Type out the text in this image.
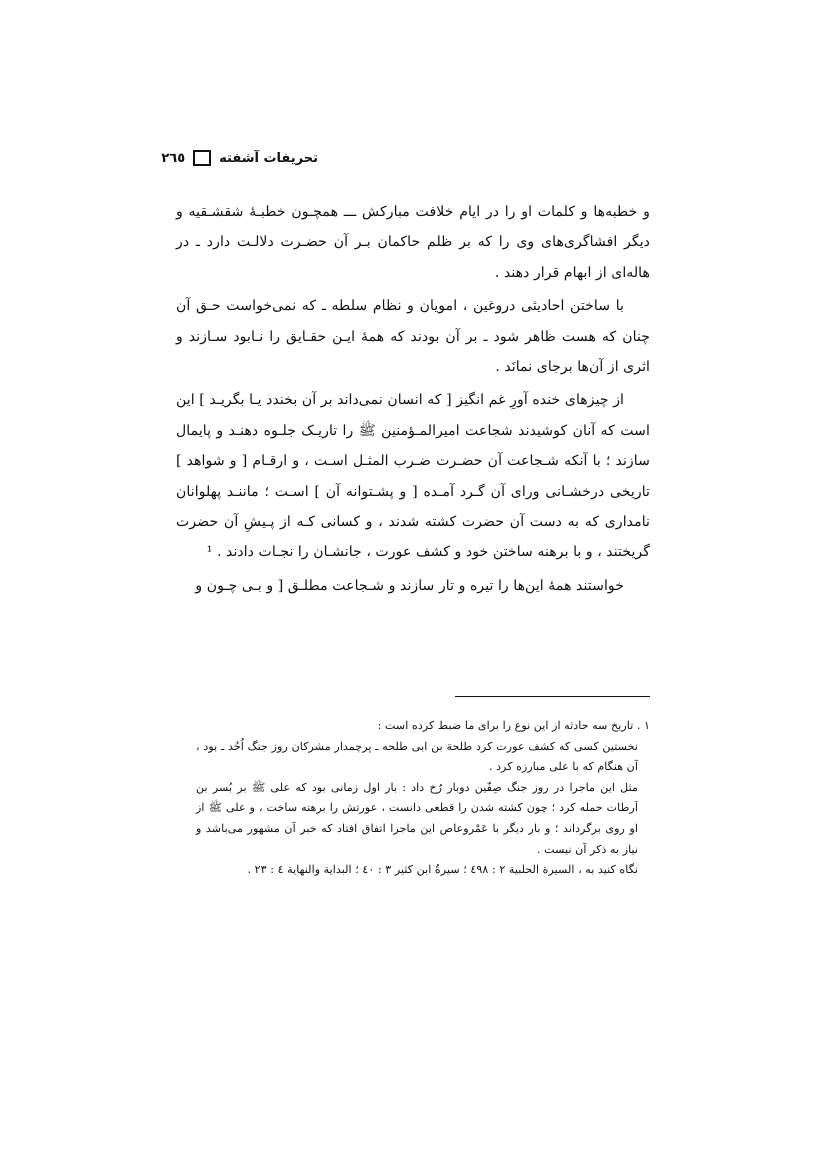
تحریفات آشفته
۲٦٥

و خطبه‌ها و کلمات او را در ایام خلافت مبارکش ـــ همچـون خطبـهٔ شقشـقیه و دیگر افشاگری‌های وی را که بر ظلم حاکمان بـر آن حضـرت دلالـت دارد ـ در هاله‌ای از ابهام قرار دهند .

با ساختن احادیثی دروغین ، امویان و نظام سلطه ـ که نمی‌خواست حـق آن چنان که هست ظاهر شود ـ بر آن بودند که همهٔ ایـن حقـایق را نـابود سـازند و اثری از آن‌ها برجای نمانَد .

از چیزهای خنده آورِ غم انگیز [ که انسان نمی‌داند بر آن بخندد یـا بگریـد ] این است که آنان کوشیدند شجاعت امیرالمـؤمنین ﷺ را تاریـک جلـوه دهنـد و پایمال سازند ؛ با آنکه شـجاعت آن حضـرت ضـرب المثـل اسـت ، و ارقـام [ و شواهد ] تاریخی درخشـانی ورای آن گـرد آمـده [ و پشـتوانه آن ] اسـت ؛ ماننـد پهلوانان نامداری که به دست آن حضرت کشته شدند ، و کسانی کـه از پـیشِ آن حضرت گریختند ، و با برهنه ساختن خود و کشف عورت ، جانشـان را نجـات دادند . ¹

خواستند همهٔ این‌ها را تیره و تار سازند و شـجاعت مطلـق [ و بـی چـون و

١ . تاریخ سه حادثه از این نوع را برای ما ضبط کرده است :

نخستین کسی که کشف عورت کرد طلحة بن ابی طلحه ـ پرچمدار مشرکان روز جنگ اُحُد ـ بود ، آن هنگام که با علی مبارزه کرد .

مثل این ماجرا در روز جنگ صِفّین دوبار رُخ داد : بار اول زمانی بود که علی ﷺ بر بُسر بن اَرطات حمله کرد ؛ چون کشته شدن را قطعی دانست ، عورتش را برهنه ساخت ، و علی ﷺ از او روی برگرداند ؛ و بار دیگر با عَمْروعاص این ماجرا اتفاق افتاد که خبر آن مشهور می‌باشد و نیاز به ذکر آن نیست .

نگاه کنید به ، السیرة الحلبیة ٢ : ٤٩٨ ؛ سیرةُ ابن کثیر ٣ : ٤٠ ؛ البدایة والنهایة ٤ : ٢٣ .
